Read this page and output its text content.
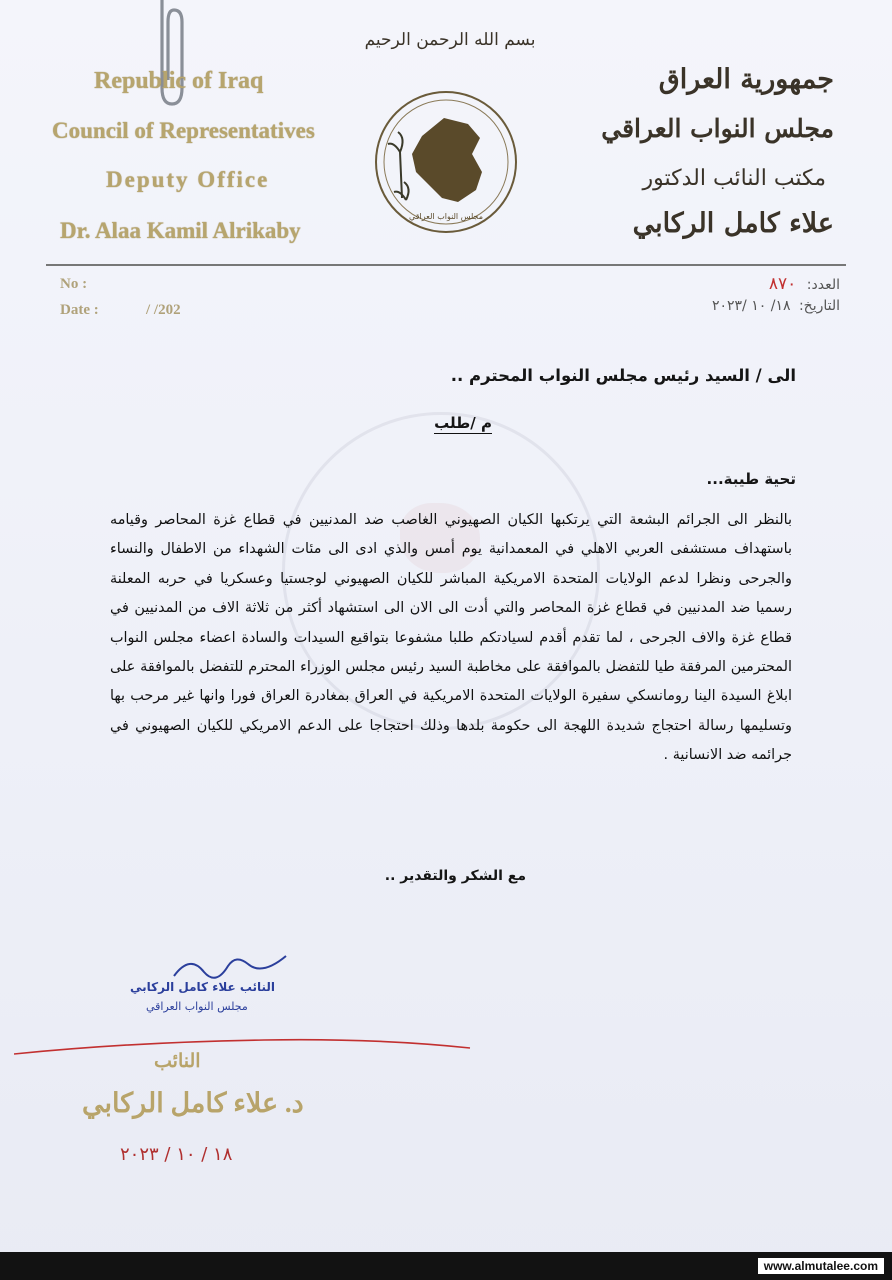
بسم الله الرحمن الرحيم
Republic of Iraq
Council of Representatives
Deputy Office
Dr. Alaa Kamil Alrikaby
مجلس النواب العراقي
جمهورية العراق
مجلس النواب العراقي
مكتب النائب الدكتور
علاء كامل الركابي
No :
Date :	/ /202
العدد: ٨٧٠
التاريخ: ١٨/ ١٠ /٢٠٢٣
الى / السيد رئيس مجلس النواب المحترم ..
م /طلب
تحية طيبة...
بالنظر الى الجرائم البشعة التي يرتكبها الكيان الصهيوني الغاصب ضد المدنيين في قطاع غزة المحاصر وقيامه باستهداف مستشفى العربي الاهلي في المعمدانية يوم أمس والذي ادى الى مئات الشهداء من الاطفال والنساء والجرحى ونظرا لدعم الولايات المتحدة الامريكية المباشر للكيان الصهيوني لوجستيا وعسكريا في حربه المعلنة رسميا ضد المدنيين في قطاع غزة المحاصر والتي أدت الى الان الى استشهاد أكثر من ثلاثة الاف من المدنيين في قطاع غزة والاف الجرحى ، لما تقدم أقدم لسيادتكم طلبا مشفوعا بتواقيع السيدات والسادة اعضاء مجلس النواب المحترمين المرفقة طيا للتفضل بالموافقة على مخاطبة السيد رئيس مجلس الوزراء المحترم للتفضل بالموافقة على ابلاغ السيدة الينا رومانسكي سفيرة الولايات المتحدة الامريكية في العراق بمغادرة العراق فورا وانها غير مرحب بها وتسليمها رسالة احتجاج شديدة اللهجة الى حكومة بلدها وذلك احتجاجا على الدعم الامريكي للكيان الصهيوني في جرائمه ضد الانسانية .
مع الشكر والتقدير ..
النائب علاء كامل الركابي
مجلس النواب العراقي
النائب
د. علاء كامل الركابي
١٨ / ١٠ / ٢٠٢٣
www.almutalee.com
